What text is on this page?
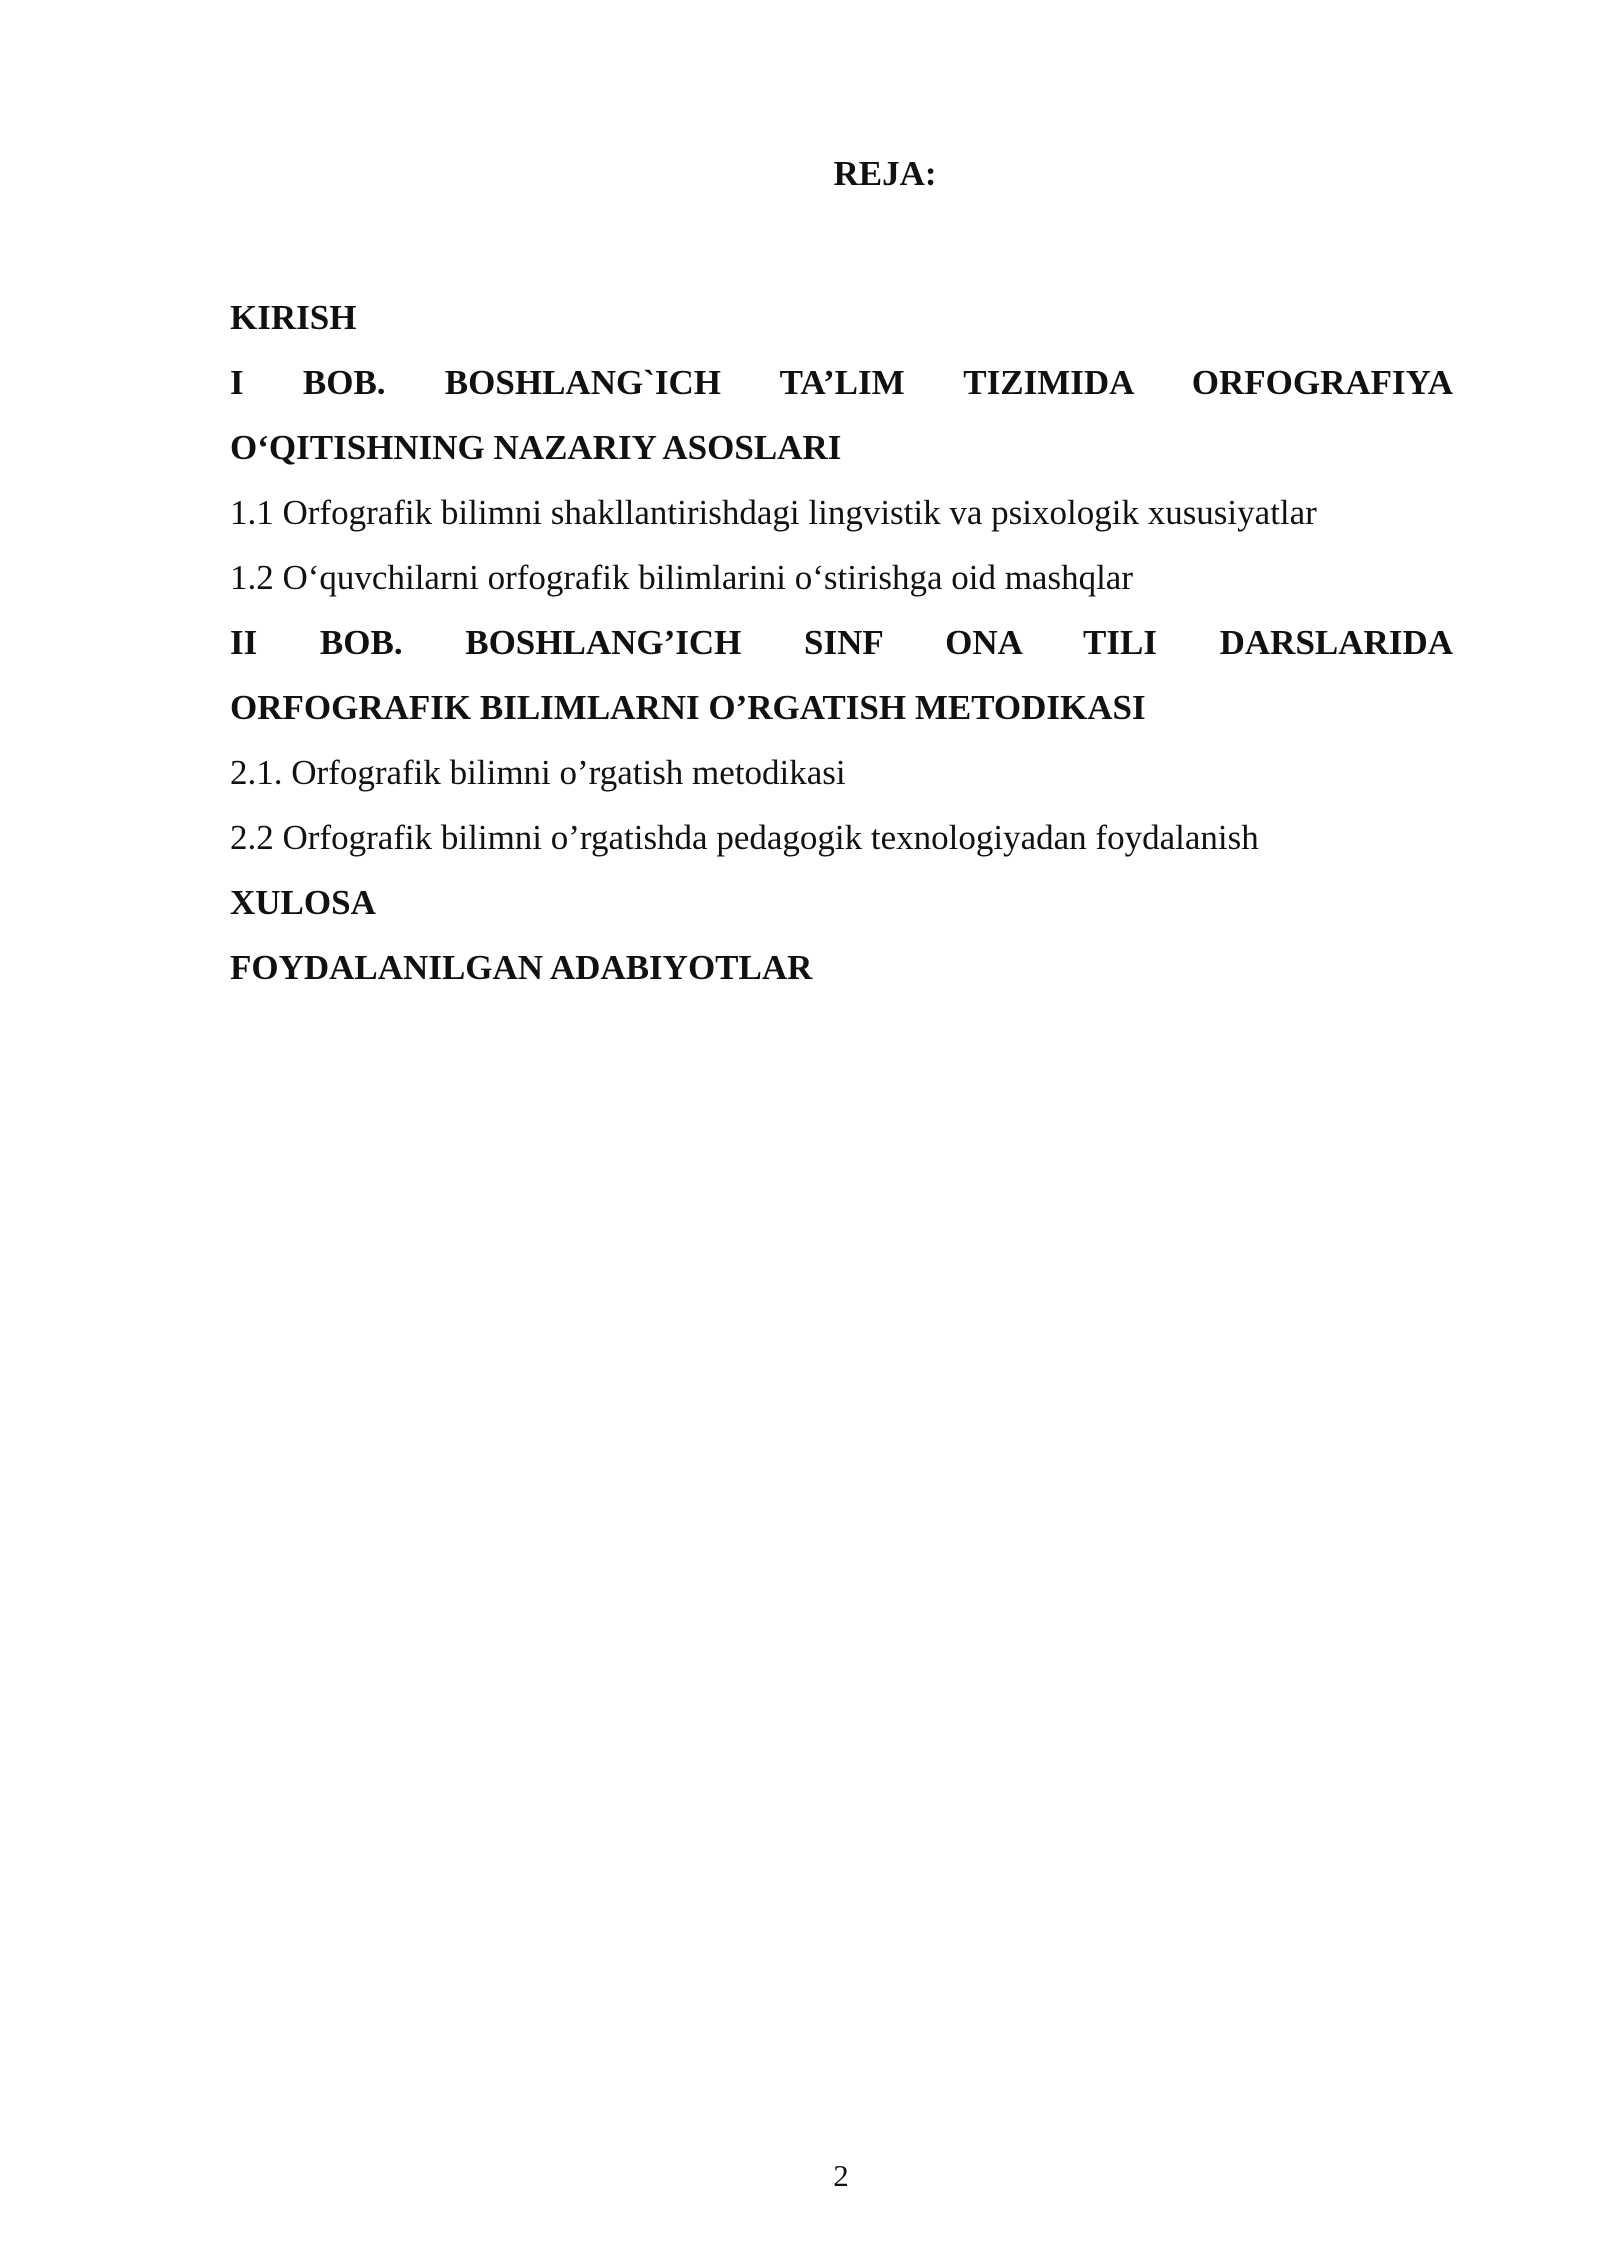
REJA:

KIRISH

I BOB. BOSHLANG`ICH TA’LIM TIZIMIDA ORFOGRAFIYA

O‘QITISHNING NAZARIY ASOSLARI

1.1 Orfografik bilimni shakllantirishdagi lingvistik va psixologik xususiyatlar

1.2 O‘quvchilarni orfografik bilimlarini o‘stirishga oid mashqlar

II BOB. BOSHLANG’ICH SINF ONA TILI DARSLARIDA

ORFOGRAFIK BILIMLARNI O’RGATISH METODIKASI

2.1. Orfografik bilimni o’rgatish metodikasi

2.2 Orfografik bilimni o’rgatishda pedagogik texnologiyadan foydalanish

XULOSA

FOYDALANILGAN ADABIYOTLAR

2
